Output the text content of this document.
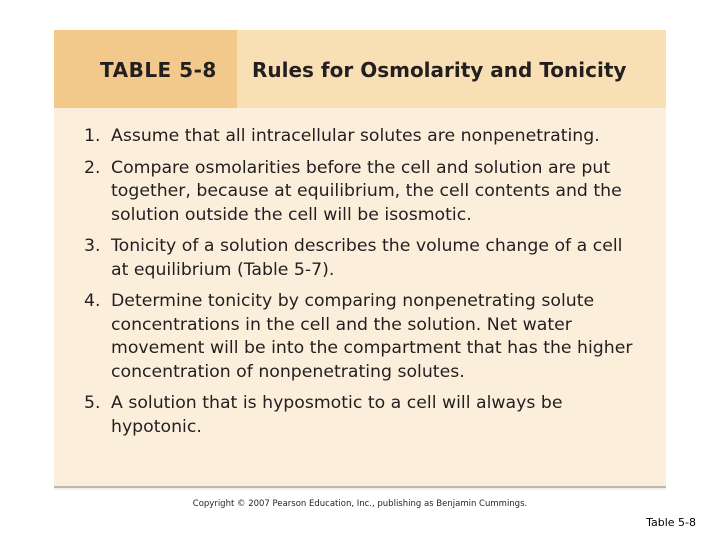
TABLE 5-8 Rules for Osmolarity and Tonicity
1. Assume that all intracellular solutes are nonpenetrating.
2. Compare osmolarities before the cell and solution are put together, because at equilibrium, the cell contents and the solution outside the cell will be isosmotic.
3. Tonicity of a solution describes the volume change of a cell at equilibrium (Table 5-7).
4. Determine tonicity by comparing nonpenetrating solute concentrations in the cell and the solution. Net water movement will be into the compartment that has the higher concentration of nonpenetrating solutes.
5. A solution that is hyposmotic to a cell will always be hypotonic.
Copyright © 2007 Pearson Education, Inc., publishing as Benjamin Cummings.
Table 5-8
